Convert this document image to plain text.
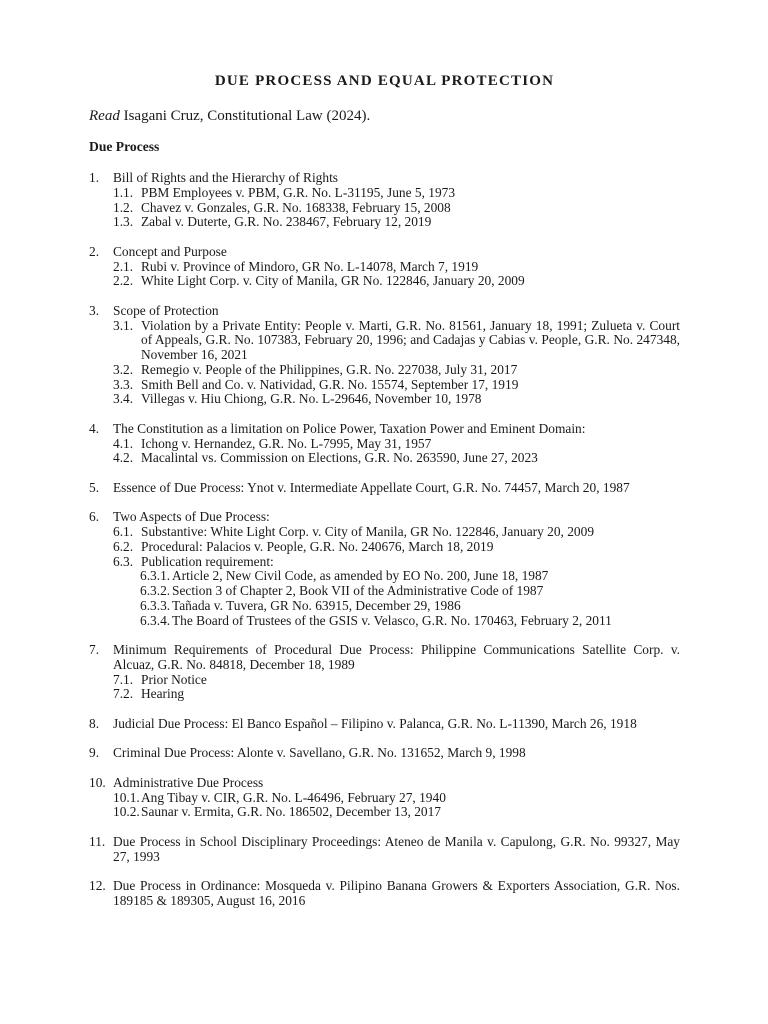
DUE PROCESS AND EQUAL PROTECTION
Read Isagani Cruz, Constitutional Law (2024).
Due Process
1. Bill of Rights and the Hierarchy of Rights
1.1. PBM Employees v. PBM, G.R. No. L-31195, June 5, 1973
1.2. Chavez v. Gonzales, G.R. No. 168338, February 15, 2008
1.3. Zabal v. Duterte, G.R. No. 238467, February 12, 2019
2. Concept and Purpose
2.1. Rubi v. Province of Mindoro, GR No. L-14078, March 7, 1919
2.2. White Light Corp. v. City of Manila, GR No. 122846, January 20, 2009
3. Scope of Protection
3.1. Violation by a Private Entity: People v. Marti, G.R. No. 81561, January 18, 1991; Zulueta v. Court of Appeals, G.R. No. 107383, February 20, 1996; and Cadajas y Cabias v. People, G.R. No. 247348, November 16, 2021
3.2. Remegio v. People of the Philippines, G.R. No. 227038, July 31, 2017
3.3. Smith Bell and Co. v. Natividad, G.R. No. 15574, September 17, 1919
3.4. Villegas v. Hiu Chiong, G.R. No. L-29646, November 10, 1978
4. The Constitution as a limitation on Police Power, Taxation Power and Eminent Domain:
4.1. Ichong v. Hernandez, G.R. No. L-7995, May 31, 1957
4.2. Macalintal vs. Commission on Elections, G.R. No. 263590, June 27, 2023
5. Essence of Due Process: Ynot v. Intermediate Appellate Court, G.R. No. 74457, March 20, 1987
6. Two Aspects of Due Process:
6.1. Substantive: White Light Corp. v. City of Manila, GR No. 122846, January 20, 2009
6.2. Procedural: Palacios v. People, G.R. No. 240676, March 18, 2019
6.3. Publication requirement:
6.3.1. Article 2, New Civil Code, as amended by EO No. 200, June 18, 1987
6.3.2. Section 3 of Chapter 2, Book VII of the Administrative Code of 1987
6.3.3. Tañada v. Tuvera, GR No. 63915, December 29, 1986
6.3.4. The Board of Trustees of the GSIS v. Velasco, G.R. No. 170463, February 2, 2011
7. Minimum Requirements of Procedural Due Process: Philippine Communications Satellite Corp. v. Alcuaz, G.R. No. 84818, December 18, 1989
7.1. Prior Notice
7.2. Hearing
8. Judicial Due Process: El Banco Español – Filipino v. Palanca, G.R. No. L-11390, March 26, 1918
9. Criminal Due Process: Alonte v. Savellano, G.R. No. 131652, March 9, 1998
10. Administrative Due Process
10.1. Ang Tibay v. CIR, G.R. No. L-46496, February 27, 1940
10.2. Saunar v. Ermita, G.R. No. 186502, December 13, 2017
11. Due Process in School Disciplinary Proceedings: Ateneo de Manila v. Capulong, G.R. No. 99327, May 27, 1993
12. Due Process in Ordinance: Mosqueda v. Pilipino Banana Growers & Exporters Association, G.R. Nos. 189185 & 189305, August 16, 2016
